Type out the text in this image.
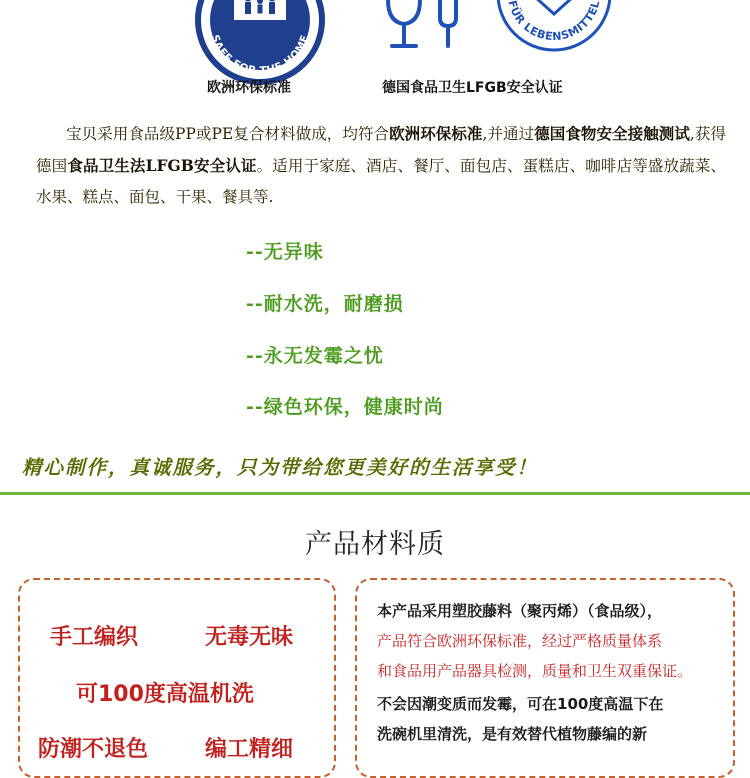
SAFE FOR THE HOME
FÜR LEBENSMITTEL
欧洲环保标准	德国食品卫生LFGB安全认证
宝贝采用食品级PP或PE复合材料做成，均符合欧洲环保标准,并通过德国食物安全接触测试,获得德国食品卫生法LFGB安全认证。适用于家庭、酒店、餐厅、面包店、蛋糕店、咖啡店等盛放蔬菜、水果、糕点、面包、干果、餐具等.
--无异味
--耐水洗，耐磨损
--永无发霉之忧
--绿色环保，健康时尚
精心制作，真诚服务，只为带给您更美好的生活享受！
产品材料质
手工编织	无毒无味
可100度高温机洗
防潮不退色	编工精细
本产品采用塑胶藤料（聚丙烯）（食品级），
产品符合欧洲环保标准，经过严格质量体系
和食品用产品器具检测，质量和卫生双重保证。
不会因潮变质而发霉，可在100度高温下在
洗碗机里清洗，是有效替代植物藤编的新
